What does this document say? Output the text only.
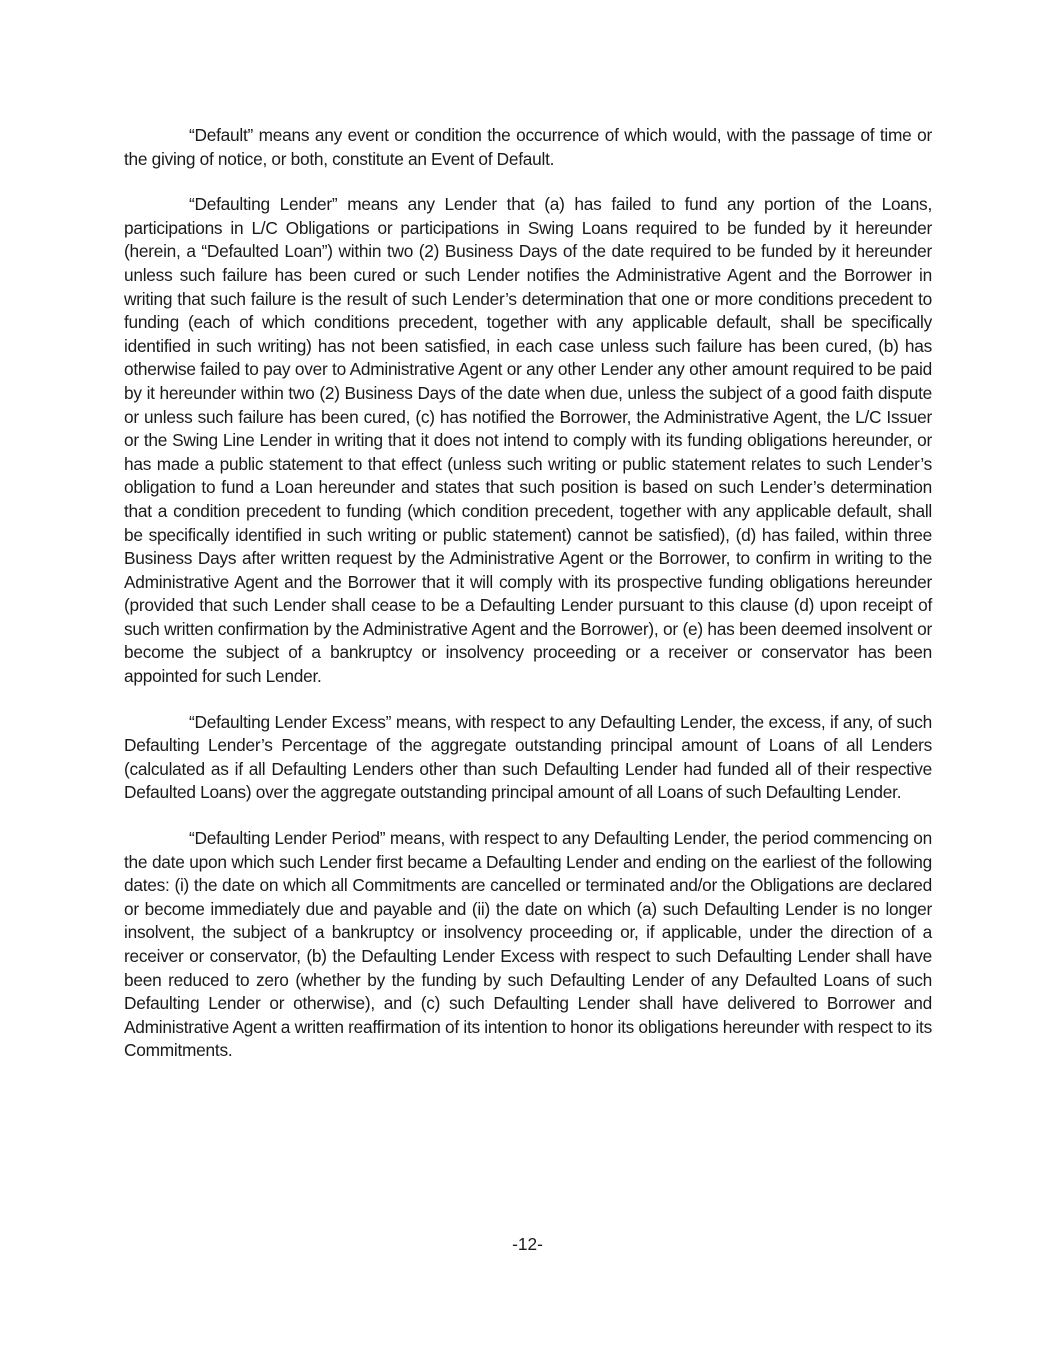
“Default” means any event or condition the occurrence of which would, with the passage of time or the giving of notice, or both, constitute an Event of Default.

“Defaulting Lender” means any Lender that (a) has failed to fund any portion of the Loans, participations in L/C Obligations or participations in Swing Loans required to be funded by it hereunder (herein, a “Defaulted Loan”) within two (2) Business Days of the date required to be funded by it hereunder unless such failure has been cured or such Lender notifies the Administrative Agent and the Borrower in writing that such failure is the result of such Lender’s determination that one or more conditions precedent to funding (each of which conditions precedent, together with any applicable default, shall be specifically identified in such writing) has not been satisfied, in each case unless such failure has been cured, (b) has otherwise failed to pay over to Administrative Agent or any other Lender any other amount required to be paid by it hereunder within two (2) Business Days of the date when due, unless the subject of a good faith dispute or unless such failure has been cured, (c) has notified the Borrower, the Administrative Agent, the L/C Issuer or the Swing Line Lender in writing that it does not intend to comply with its funding obligations hereunder, or has made a public statement to that effect (unless such writing or public statement relates to such Lender’s obligation to fund a Loan hereunder and states that such position is based on such Lender’s determination that a condition precedent to funding (which condition precedent, together with any applicable default, shall be specifically identified in such writing or public statement) cannot be satisfied), (d) has failed, within three Business Days after written request by the Administrative Agent or the Borrower, to confirm in writing to the Administrative Agent and the Borrower that it will comply with its prospective funding obligations hereunder (provided that such Lender shall cease to be a Defaulting Lender pursuant to this clause (d) upon receipt of such written confirmation by the Administrative Agent and the Borrower), or (e) has been deemed insolvent or become the subject of a bankruptcy or insolvency proceeding or a receiver or conservator has been appointed for such Lender.

“Defaulting Lender Excess” means, with respect to any Defaulting Lender, the excess, if any, of such Defaulting Lender’s Percentage of the aggregate outstanding principal amount of Loans of all Lenders (calculated as if all Defaulting Lenders other than such Defaulting Lender had funded all of their respective Defaulted Loans) over the aggregate outstanding principal amount of all Loans of such Defaulting Lender.

“Defaulting Lender Period” means, with respect to any Defaulting Lender, the period commencing on the date upon which such Lender first became a Defaulting Lender and ending on the earliest of the following dates: (i) the date on which all Commitments are cancelled or terminated and/or the Obligations are declared or become immediately due and payable and (ii) the date on which (a) such Defaulting Lender is no longer insolvent, the subject of a bankruptcy or insolvency proceeding or, if applicable, under the direction of a receiver or conservator, (b) the Defaulting Lender Excess with respect to such Defaulting Lender shall have been reduced to zero (whether by the funding by such Defaulting Lender of any Defaulted Loans of such Defaulting Lender or otherwise), and (c) such Defaulting Lender shall have delivered to Borrower and Administrative Agent a written reaffirmation of its intention to honor its obligations hereunder with respect to its Commitments.

-12-
